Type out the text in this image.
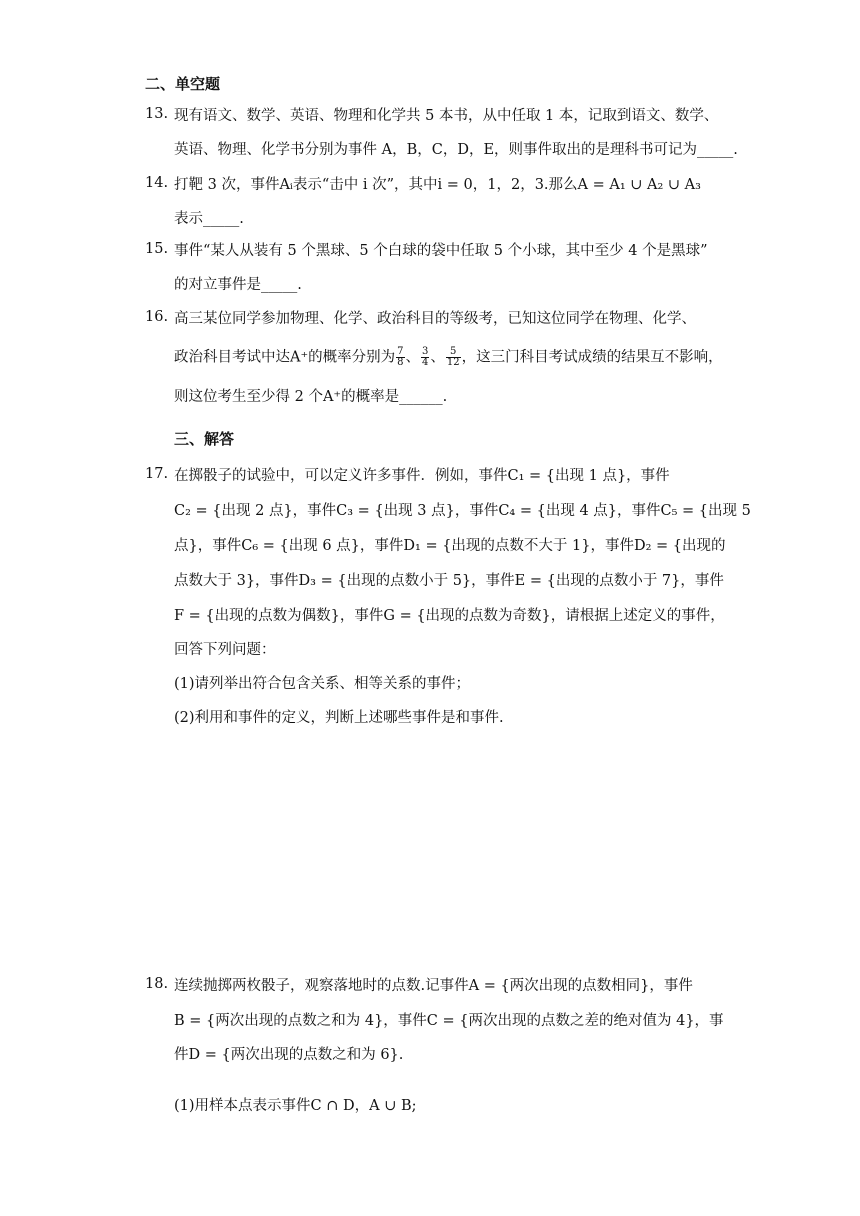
二、单空题
13. 现有语文、数学、英语、物理和化学共 5 本书，从中任取 1 本，记取到语文、数学、
英语、物理、化学书分别为事件 A，B，C，D，E，则事件取出的是理科书可记为_____.
14. 打靶 3 次，事件Aᵢ表示“击中 i 次”，其中i = 0，1，2，3.那么A = A₁ ∪ A₂ ∪ A₃
表示_____.
15. 事件“某人从装有 5 个黑球、5 个白球的袋中任取 5 个小球，其中至少 4 个是黑球”
的对立事件是_____.
16. 高三某位同学参加物理、化学、政治科目的等级考，已知这位同学在物理、化学、
政治科目考试中达A⁺的概率分别为 $\frac{7}{8}$ 、 $\frac{3}{4}$ 、 $\frac{5}{12}$ ，这三门科目考试成绩的结果互不影响，
则这位考生至少得 2 个A⁺的概率是______.
三、解答
17. 在掷骰子的试验中，可以定义许多事件．例如，事件C₁ = {出现 1 点}，事件
C₂ = {出现 2 点}，事件C₃ = {出现 3 点}，事件C₄ = {出现 4 点}，事件C₅ = {出现 5
点}，事件C₆ = {出现 6 点}，事件D₁ = {出现的点数不大于 1}，事件D₂ = {出现的
点数大于 3}，事件D₃ = {出现的点数小于 5}，事件E = {出现的点数小于 7}，事件
F = {出现的点数为偶数}，事件G = {出现的点数为奇数}，请根据上述定义的事件，
回答下列问题：
(1)请列举出符合包含关系、相等关系的事件；
(2)利用和事件的定义，判断上述哪些事件是和事件.
18. 连续抛掷两枚骰子，观察落地时的点数.记事件A = {两次出现的点数相同}，事件
B = {两次出现的点数之和为 4}，事件C = {两次出现的点数之差的绝对值为 4}，事
件D = {两次出现的点数之和为 6}.
(1)用样本点表示事件C ∩ D，A ∪ B;
